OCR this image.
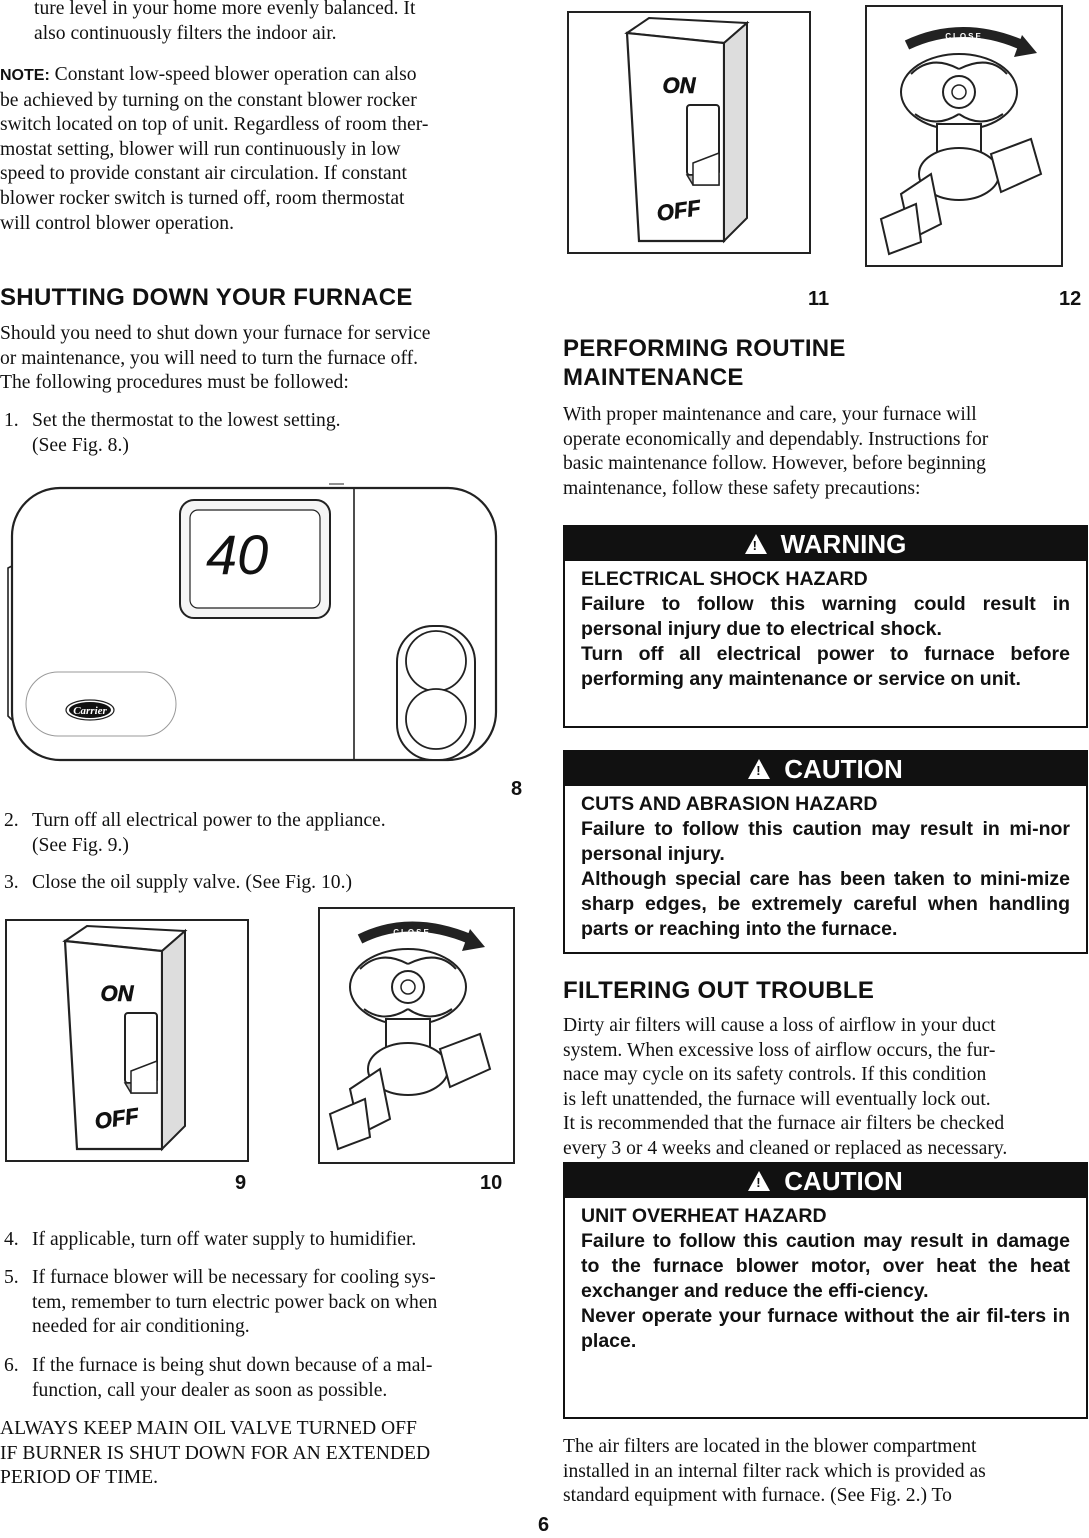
ture level in your home more evenly balanced. It
also continuously filters the indoor air.
NOTE: Constant low-speed blower operation can also
be achieved by turning on the constant blower rocker
switch located on top of unit. Regardless of room ther-
mostat setting, blower will run continuously in low
speed to provide constant air circulation. If constant
blower rocker switch is turned off, room thermostat
will control blower operation.
SHUTTING DOWN YOUR FURNACE
Should you need to shut down your furnace for service
or maintenance, you will need to turn the furnace off.
The following procedures must be followed:
1. Set the thermostat to the lowest setting.
(See Fig. 8.)
40
Carrier
8
2. Turn off all electrical power to the appliance.
(See Fig. 9.)
3. Close the oil supply valve. (See Fig. 10.)
ON
OFF
9
CLOSE
10
4. If applicable, turn off water supply to humidifier.
5. If furnace blower will be necessary for cooling sys-
tem, remember to turn electric power back on when
needed for air conditioning.
6. If the furnace is being shut down because of a mal-
function, call your dealer as soon as possible.
ALWAYS KEEP MAIN OIL VALVE TURNED OFF
IF BURNER IS SHUT DOWN FOR AN EXTENDED
PERIOD OF TIME.
ON
OFF
CLOSE
11	12
PERFORMING ROUTINE
MAINTENANCE
With proper maintenance and care, your furnace will
operate economically and dependably. Instructions for
basic maintenance follow. However, before beginning
maintenance, follow these safety precautions:
! WARNING
ELECTRICAL SHOCK HAZARD
Failure to follow this warning could result in personal injury due to electrical shock.
Turn off all electrical power to furnace before performing any maintenance or service on unit.
! CAUTION
CUTS AND ABRASION HAZARD
Failure to follow this caution may result in mi-nor personal injury.
Although special care has been taken to mini-mize sharp edges, be extremely careful when handling parts or reaching into the furnace.
FILTERING OUT TROUBLE
Dirty air filters will cause a loss of airflow in your duct
system. When excessive loss of airflow occurs, the fur-
nace may cycle on its safety controls. If this condition
is left unattended, the furnace will eventually lock out.
It is recommended that the furnace air filters be checked
every 3 or 4 weeks and cleaned or replaced as necessary.
! CAUTION
UNIT OVERHEAT HAZARD
Failure to follow this caution may result in damage to the furnace blower motor, over heat the heat exchanger and reduce the effi-ciency.
Never operate your furnace without the air fil-ters in place.
The air filters are located in the blower compartment
installed in an internal filter rack which is provided as
standard equipment with furnace. (See Fig. 2.) To
6
